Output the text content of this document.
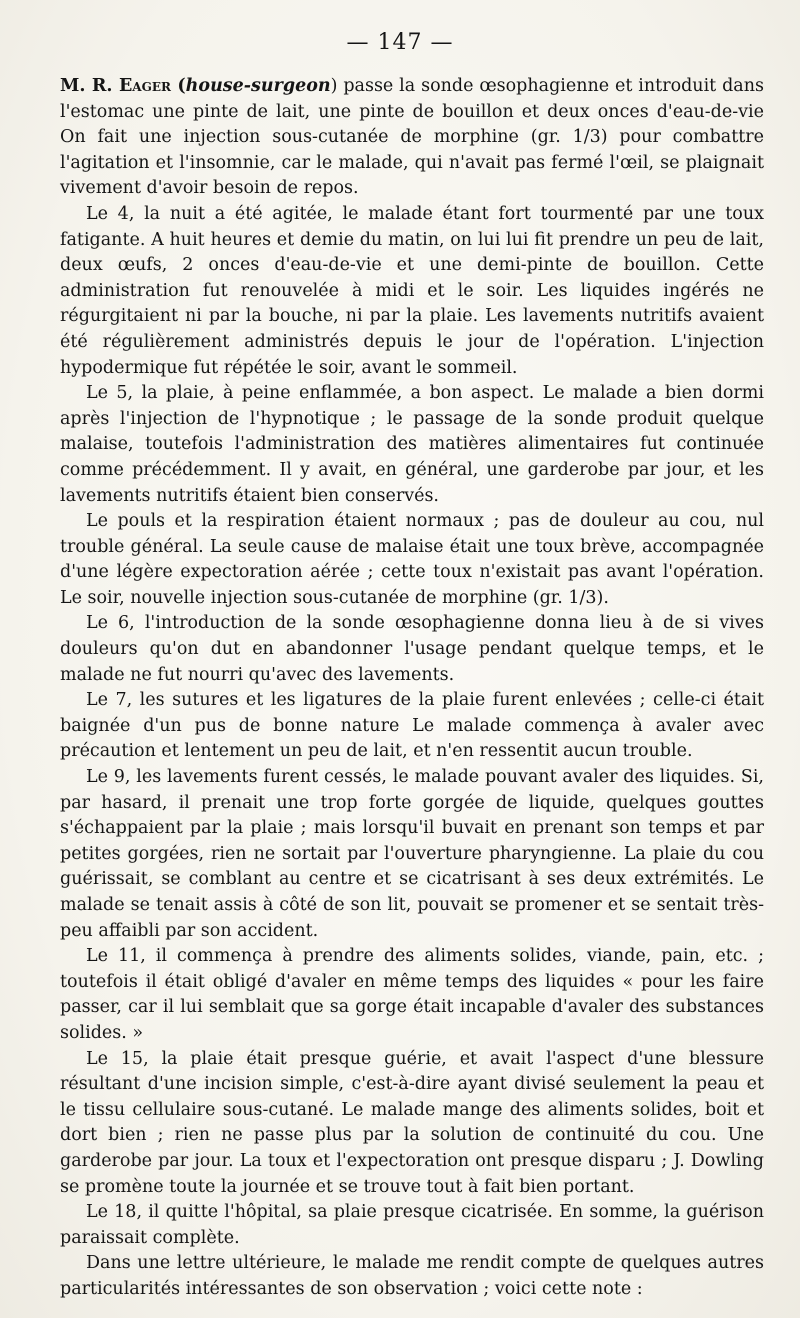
— 147 —

M. R. Eager (house-surgeon) passe la sonde œsophagienne et introduit dans l'estomac une pinte de lait, une pinte de bouillon et deux onces d'eau-de-vie On fait une injection sous-cutanée de morphine (gr. 1/3) pour combattre l'agitation et l'insomnie, car le malade, qui n'avait pas fermé l'œil, se plaignait vivement d'avoir besoin de repos.

Le 4, la nuit a été agitée, le malade étant fort tourmenté par une toux fatigante. A huit heures et demie du matin, on lui lui fit prendre un peu de lait, deux œufs, 2 onces d'eau-de-vie et une demi-pinte de bouillon. Cette administration fut renouvelée à midi et le soir. Les liquides ingérés ne régurgitaient ni par la bouche, ni par la plaie. Les lavements nutritifs avaient été régulièrement administrés depuis le jour de l'opération. L'injection hypodermique fut répétée le soir, avant le sommeil.

Le 5, la plaie, à peine enflammée, a bon aspect. Le malade a bien dormi après l'injection de l'hypnotique ; le passage de la sonde produit quelque malaise, toutefois l'administration des matières alimentaires fut continuée comme précédemment. Il y avait, en général, une garderobe par jour, et les lavements nutritifs étaient bien conservés.

Le pouls et la respiration étaient normaux ; pas de douleur au cou, nul trouble général. La seule cause de malaise était une toux brève, accompagnée d'une légère expectoration aérée ; cette toux n'existait pas avant l'opération. Le soir, nouvelle injection sous-cutanée de morphine (gr. 1/3).

Le 6, l'introduction de la sonde œsophagienne donna lieu à de si vives douleurs qu'on dut en abandonner l'usage pendant quelque temps, et le malade ne fut nourri qu'avec des lavements.

Le 7, les sutures et les ligatures de la plaie furent enlevées ; celle-ci était baignée d'un pus de bonne nature Le malade commença à avaler avec précaution et lentement un peu de lait, et n'en ressentit aucun trouble.

Le 9, les lavements furent cessés, le malade pouvant avaler des liquides. Si, par hasard, il prenait une trop forte gorgée de liquide, quelques gouttes s'échappaient par la plaie ; mais lorsqu'il buvait en prenant son temps et par petites gorgées, rien ne sortait par l'ouverture pharyngienne. La plaie du cou guérissait, se comblant au centre et se cicatrisant à ses deux extrémités. Le malade se tenait assis à côté de son lit, pouvait se promener et se sentait très-peu affaibli par son accident.

Le 11, il commença à prendre des aliments solides, viande, pain, etc. ; toutefois il était obligé d'avaler en même temps des liquides « pour les faire passer, car il lui semblait que sa gorge était incapable d'avaler des substances solides. »

Le 15, la plaie était presque guérie, et avait l'aspect d'une blessure résultant d'une incision simple, c'est-à-dire ayant divisé seulement la peau et le tissu cellulaire sous-cutané. Le malade mange des aliments solides, boit et dort bien ; rien ne passe plus par la solution de continuité du cou. Une garderobe par jour. La toux et l'expectoration ont presque disparu ; J. Dowling se promène toute la journée et se trouve tout à fait bien portant.

Le 18, il quitte l'hôpital, sa plaie presque cicatrisée. En somme, la guérison paraissait complète.

Dans une lettre ultérieure, le malade me rendit compte de quelques autres particularités intéressantes de son observation ; voici cette note :
